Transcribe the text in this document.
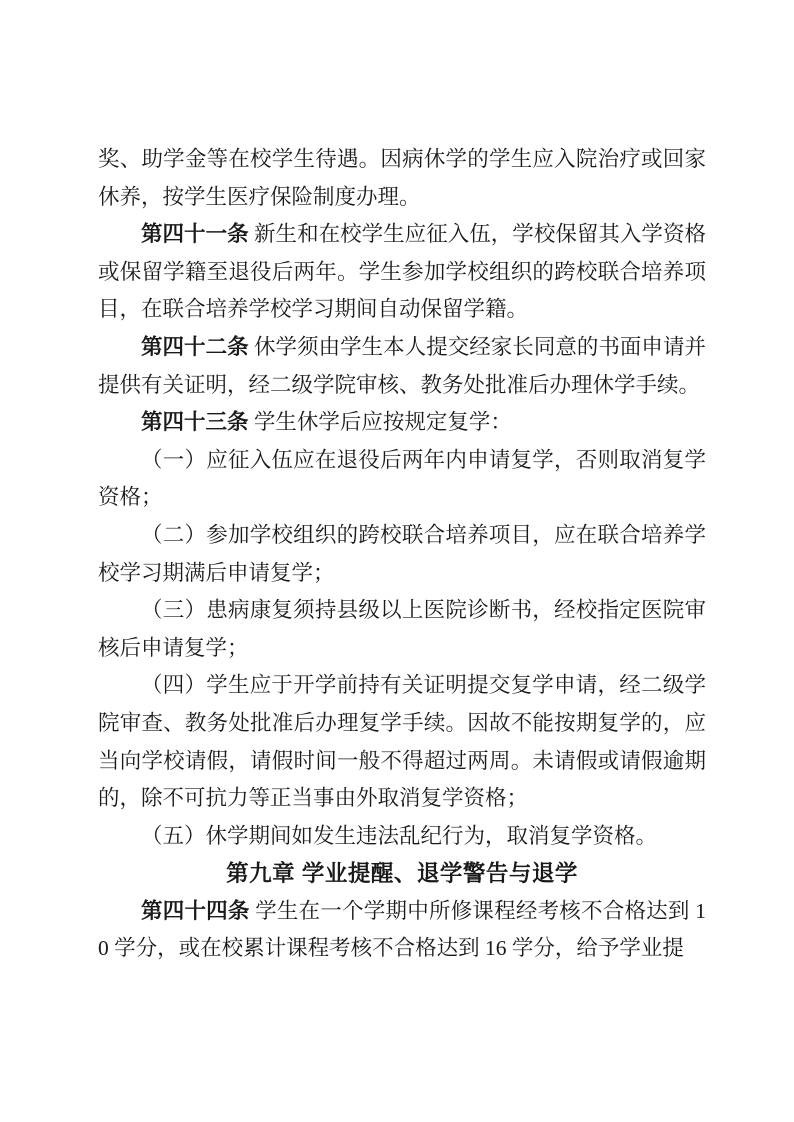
奖、助学金等在校学生待遇。因病休学的学生应入院治疗或回家休养，按学生医疗保险制度办理。

第四十一条 新生和在校学生应征入伍，学校保留其入学资格或保留学籍至退役后两年。学生参加学校组织的跨校联合培养项目，在联合培养学校学习期间自动保留学籍。

第四十二条 休学须由学生本人提交经家长同意的书面申请并提供有关证明，经二级学院审核、教务处批准后办理休学手续。

第四十三条 学生休学后应按规定复学：

（一）应征入伍应在退役后两年内申请复学，否则取消复学资格；

（二）参加学校组织的跨校联合培养项目，应在联合培养学校学习期满后申请复学；

（三）患病康复须持县级以上医院诊断书，经校指定医院审核后申请复学；

（四）学生应于开学前持有关证明提交复学申请，经二级学院审查、教务处批准后办理复学手续。因故不能按期复学的，应当向学校请假，请假时间一般不得超过两周。未请假或请假逾期的，除不可抗力等正当事由外取消复学资格；

（五）休学期间如发生违法乱纪行为，取消复学资格。

第九章 学业提醒、退学警告与退学

第四十四条 学生在一个学期中所修课程经考核不合格达到 10 学分，或在校累计课程考核不合格达到 16 学分，给予学业提
